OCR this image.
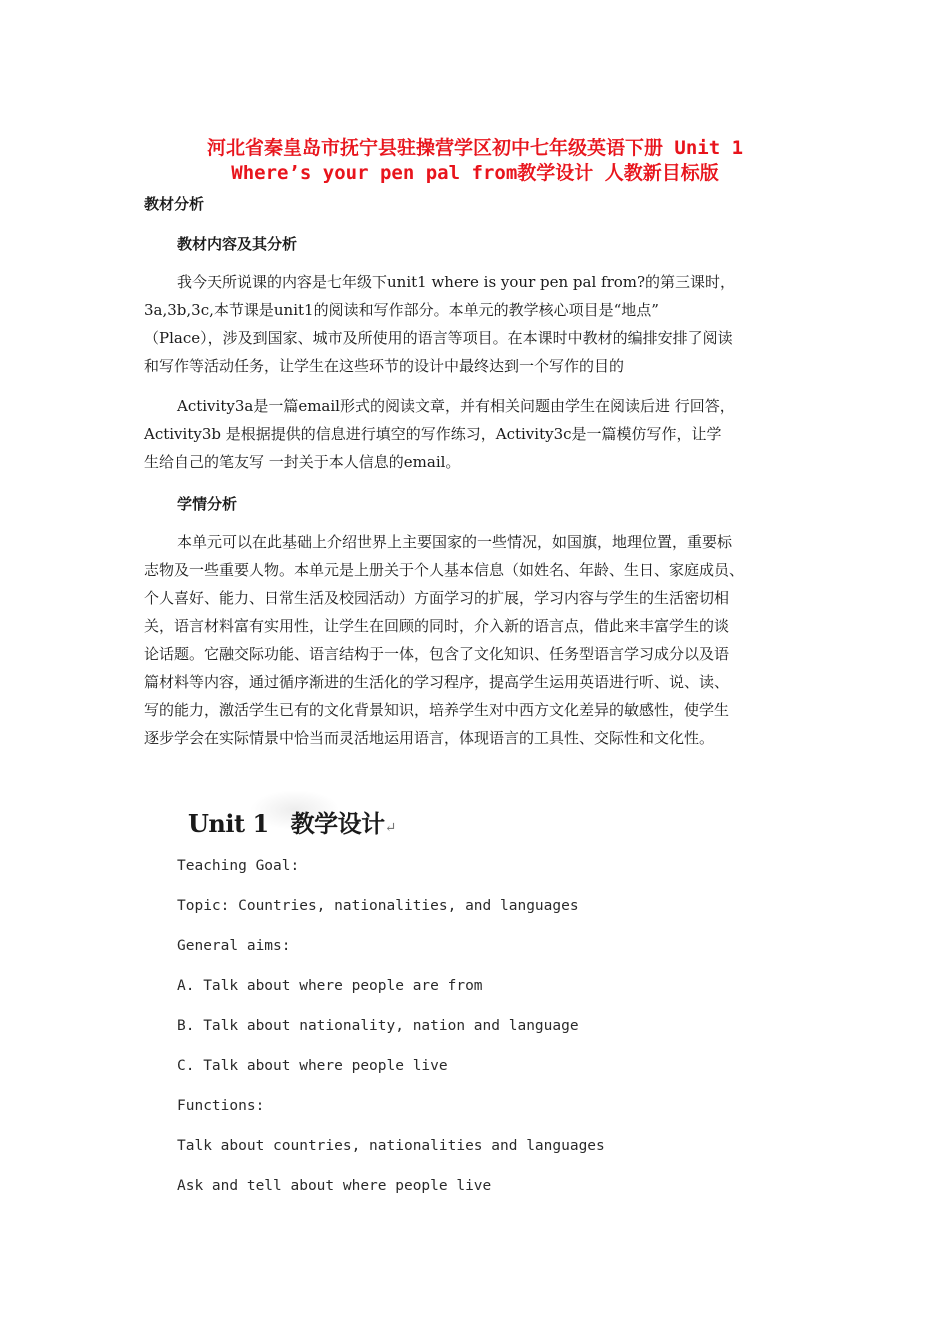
河北省秦皇岛市抚宁县驻操营学区初中七年级英语下册 Unit 1
Where’s your pen pal from教学设计 人教新目标版
教材分析
教材内容及其分析
我今天所说课的内容是七年级下unit1 where is your pen pal from?的第三课时，
3a,3b,3c,本节课是unit1的阅读和写作部分。本单元的教学核心项目是“地点”
（Place），涉及到国家、城市及所使用的语言等项目。在本课时中教材的编排安排了阅读
和写作等活动任务，让学生在这些环节的设计中最终达到一个写作的目的
Activity3a是一篇email形式的阅读文章，并有相关问题由学生在阅读后进 行回答，
Activity3b 是根据提供的信息进行填空的写作练习，Activity3c是一篇模仿写作，让学
生给自己的笔友写 一封关于本人信息的email。
学情分析
本单元可以在此基础上介绍世界上主要国家的一些情况，如国旗，地理位置，重要标
志物及一些重要人物。本单元是上册关于个人基本信息（如姓名、年龄、生日、家庭成员、
个人喜好、能力、日常生活及校园活动）方面学习的扩展，学习内容与学生的生活密切相
关，语言材料富有实用性，让学生在回顾的同时，介入新的语言点，借此来丰富学生的谈
论话题。它融交际功能、语言结构于一体，包含了文化知识、任务型语言学习成分以及语
篇材料等内容，通过循序渐进的生活化的学习程序，提高学生运用英语进行听、说、读、
写的能力，激活学生已有的文化背景知识，培养学生对中西方文化差异的敏感性，使学生
逐步学会在实际情景中恰当而灵活地运用语言，体现语言的工具性、交际性和文化性。
Unit 1 教学设计↵
Teaching Goal:
Topic: Countries, nationalities, and languages
General aims:
A. Talk about where people are from
B. Talk about nationality, nation and language
C. Talk about where people live
Functions:
Talk about countries, nationalities and languages
Ask and tell about where people live
